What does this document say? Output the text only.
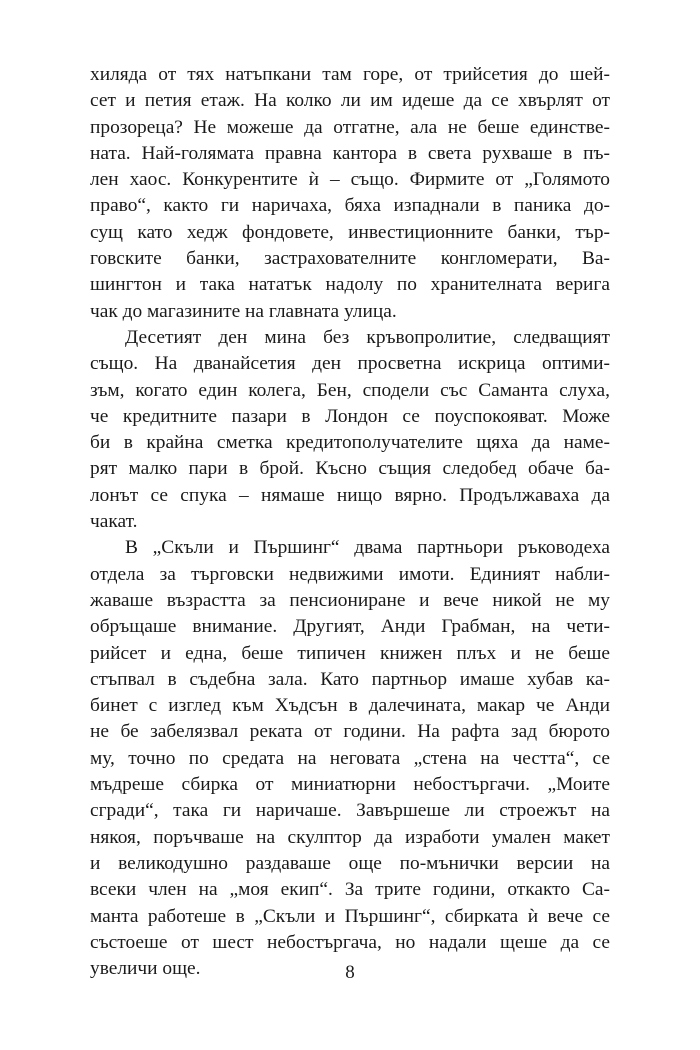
хиляда от тях натъпкани там горе, от трийсетия до шей-
сет и петия етаж. На колко ли им идеше да се хвърлят от
прозореца? Не можеше да отгатне, ала не беше единстве-
ната. Най-голямата правна кантора в света рухваше в пъ-
лен хаос. Конкурентите ѝ – също. Фирмите от „Голямото
право“, както ги наричаха, бяха изпаднали в паника до-
сущ като хедж фондовете, инвестиционните банки, тър-
говските банки, застрахователните конгломерати, Ва-
шингтон и така нататък надолу по хранителната верига
чак до магазините на главната улица.
Десетият ден мина без кръвопролитие, следващият
също. На дванайсетия ден просветна искрица оптими-
зъм, когато един колега, Бен, сподели със Саманта слуха,
че кредитните пазари в Лондон се поуспокояват. Може
би в крайна сметка кредитополучателите щяха да наме-
рят малко пари в брой. Късно същия следобед обаче ба-
лонът се спука – нямаше нищо вярно. Продължаваха да
чакат.
В „Скъли и Пършинг“ двама партньори ръководеха
отдела за търговски недвижими имоти. Единият набли-
жаваше възрастта за пенсиониране и вече никой не му
обръщаше внимание. Другият, Анди Грабман, на чети-
рийсет и една, беше типичен книжен плъх и не беше
стъпвал в съдебна зала. Като партньор имаше хубав ка-
бинет с изглед към Хъдсън в далечината, макар че Анди
не бе забелязвал реката от години. На рафта зад бюрото
му, точно по средата на неговата „стена на честта“, се
мъдреше сбирка от миниатюрни небостъргачи. „Моите
сгради“, така ги наричаше. Завършеше ли строежът на
някоя, поръчваше на скулптор да изработи умален макет
и великодушно раздаваше още по-мънички версии на
всеки член на „моя екип“. За трите години, откакто Са-
манта работеше в „Скъли и Пършинг“, сбирката ѝ вече се
състоеше от шест небостъргача, но надали щеше да се
увеличи още.	8
